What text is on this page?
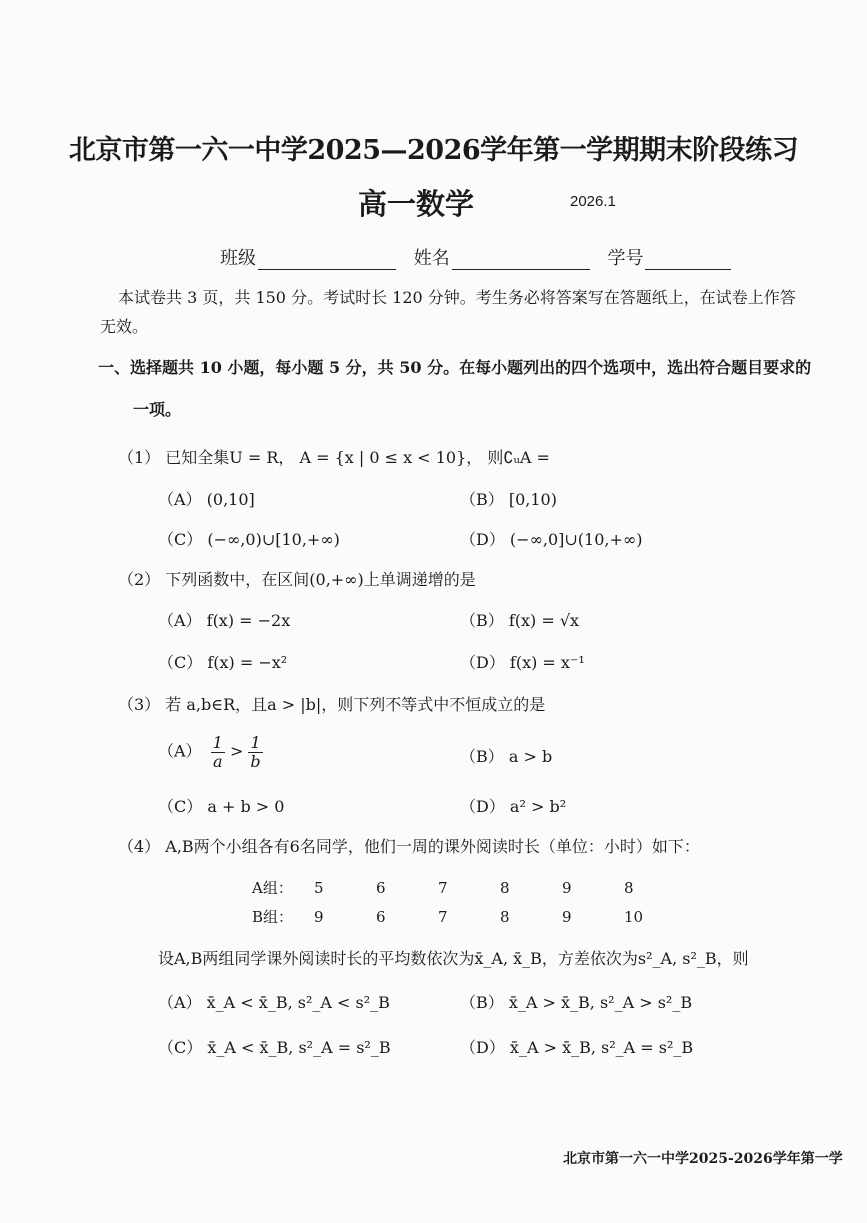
北京市第一六一中学2025—2026学年第一学期期末阶段练习
高一数学	2026.1
班级	姓名	学号
本试卷共 3 页，共 150 分。考试时长 120 分钟。考生务必将答案写在答题纸上，在试卷上作答
无效。
一、选择题共 10 小题，每小题 5 分，共 50 分。在每小题列出的四个选项中，选出符合题目要求的
一项。
（1） 已知全集U = R， A = {x | 0 ≤ x < 10}， 则∁ᵤA =
（A） (0,10]	（B） [0,10)
（C） (−∞,0)∪[10,+∞)	（D） (−∞,0]∪(10,+∞)
（2） 下列函数中，在区间(0,+∞)上单调递增的是
（A） f(x) = −2x	（B） f(x) = √x
（C） f(x) = −x²	（D） f(x) = x⁻¹
（3） 若 a,b∈R，且a > |b|，则下列不等式中不恒成立的是
$(A) \frac{1}{a} > \frac{1}{b}$	（B） a > b
（C） a + b > 0	（D） a² > b²
（4） A,B两个小组各有6名同学，他们一周的课外阅读时长（单位：小时）如下：
A组： 5	6	7	8	9	8
B组： 9	6	7	8	9	10
设A,B两组同学课外阅读时长的平均数依次为x̄_A, x̄_B，方差依次为s²_A, s²_B，则
（A） x̄_A < x̄_B, s²_A < s²_B	（B） x̄_A > x̄_B, s²_A > s²_B
（C） x̄_A < x̄_B, s²_A = s²_B	（D） x̄_A > x̄_B, s²_A = s²_B
北京市第一六一中学2025-2026学年第一学
